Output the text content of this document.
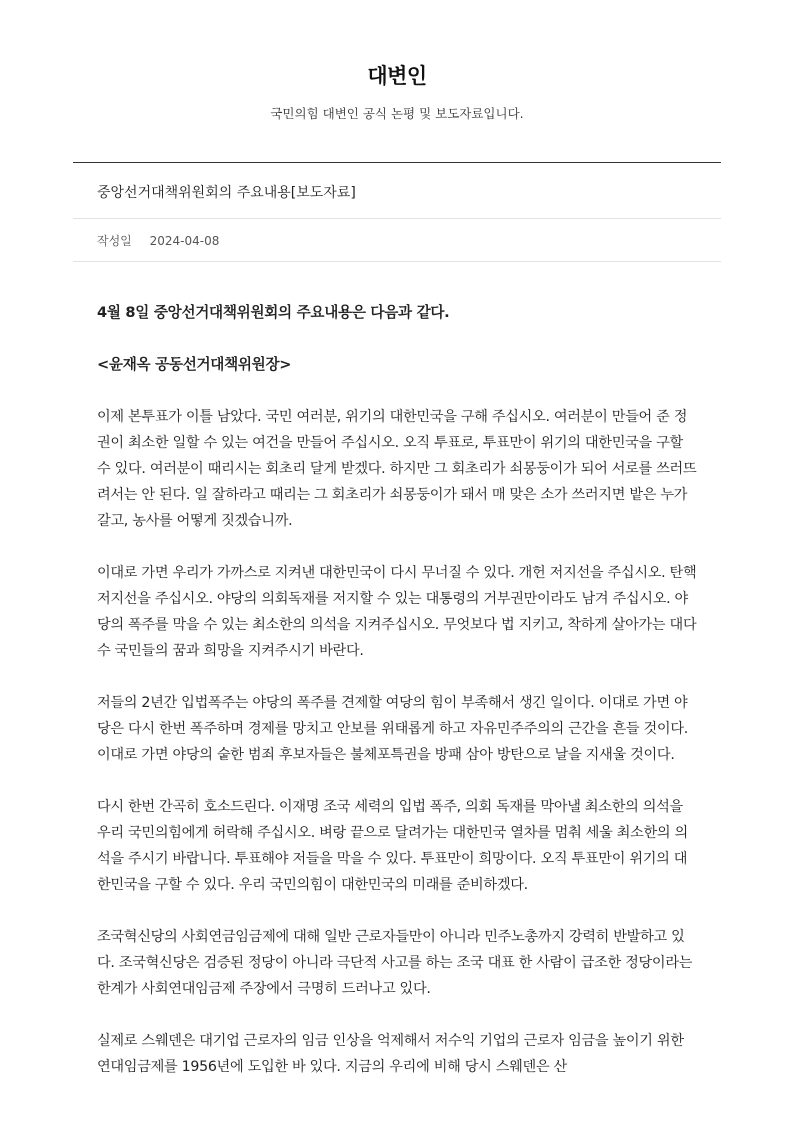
대변인
국민의힘 대변인 공식 논평 및 보도자료입니다.
중앙선거대책위원회의 주요내용[보도자료]
작성일 2024-04-08

4월 8일 중앙선거대책위원회의 주요내용은 다음과 같다.

<윤재옥 공동선거대책위원장>

이제 본투표가 이틀 남았다. 국민 여러분, 위기의 대한민국을 구해 주십시오. 여러분이 만들어 준 정권이 최소한 일할 수 있는 여건을 만들어 주십시오. 오직 투표로, 투표만이 위기의 대한민국을 구할 수 있다. 여러분이 때리시는 회초리 달게 받겠다. 하지만 그 회초리가 쇠몽둥이가 되어 서로를 쓰러뜨려서는 안 된다. 일 잘하라고 때리는 그 회초리가 쇠몽둥이가 돼서 매 맞은 소가 쓰러지면 밭은 누가 갈고, 농사를 어떻게 짓겠습니까.

이대로 가면 우리가 가까스로 지켜낸 대한민국이 다시 무너질 수 있다. 개헌 저지선을 주십시오. 탄핵 저지선을 주십시오. 야당의 의회독재를 저지할 수 있는 대통령의 거부권만이라도 남겨 주십시오. 야당의 폭주를 막을 수 있는 최소한의 의석을 지켜주십시오. 무엇보다 법 지키고, 착하게 살아가는 대다수 국민들의 꿈과 희망을 지켜주시기 바란다.

저들의 2년간 입법폭주는 야당의 폭주를 견제할 여당의 힘이 부족해서 생긴 일이다. 이대로 가면 야당은 다시 한번 폭주하며 경제를 망치고 안보를 위태롭게 하고 자유민주주의의 근간을 흔들 것이다. 이대로 가면 야당의 숱한 범죄 후보자들은 불체포특권을 방패 삼아 방탄으로 날을 지새울 것이다.

다시 한번 간곡히 호소드린다. 이재명 조국 세력의 입법 폭주, 의회 독재를 막아낼 최소한의 의석을 우리 국민의힘에게 허락해 주십시오. 벼랑 끝으로 달려가는 대한민국 열차를 멈춰 세울 최소한의 의석을 주시기 바랍니다. 투표해야 저들을 막을 수 있다. 투표만이 희망이다. 오직 투표만이 위기의 대한민국을 구할 수 있다. 우리 국민의힘이 대한민국의 미래를 준비하겠다.

조국혁신당의 사회연금임금제에 대해 일반 근로자들만이 아니라 민주노총까지 강력히 반발하고 있다. 조국혁신당은 검증된 정당이 아니라 극단적 사고를 하는 조국 대표 한 사람이 급조한 정당이라는 한계가 사회연대임금제 주장에서 극명히 드러나고 있다.

실제로 스웨덴은 대기업 근로자의 임금 인상을 억제해서 저수익 기업의 근로자 임금을 높이기 위한 연대임금제를 1956년에 도입한 바 있다. 지금의 우리에 비해 당시 스웨덴은 산
